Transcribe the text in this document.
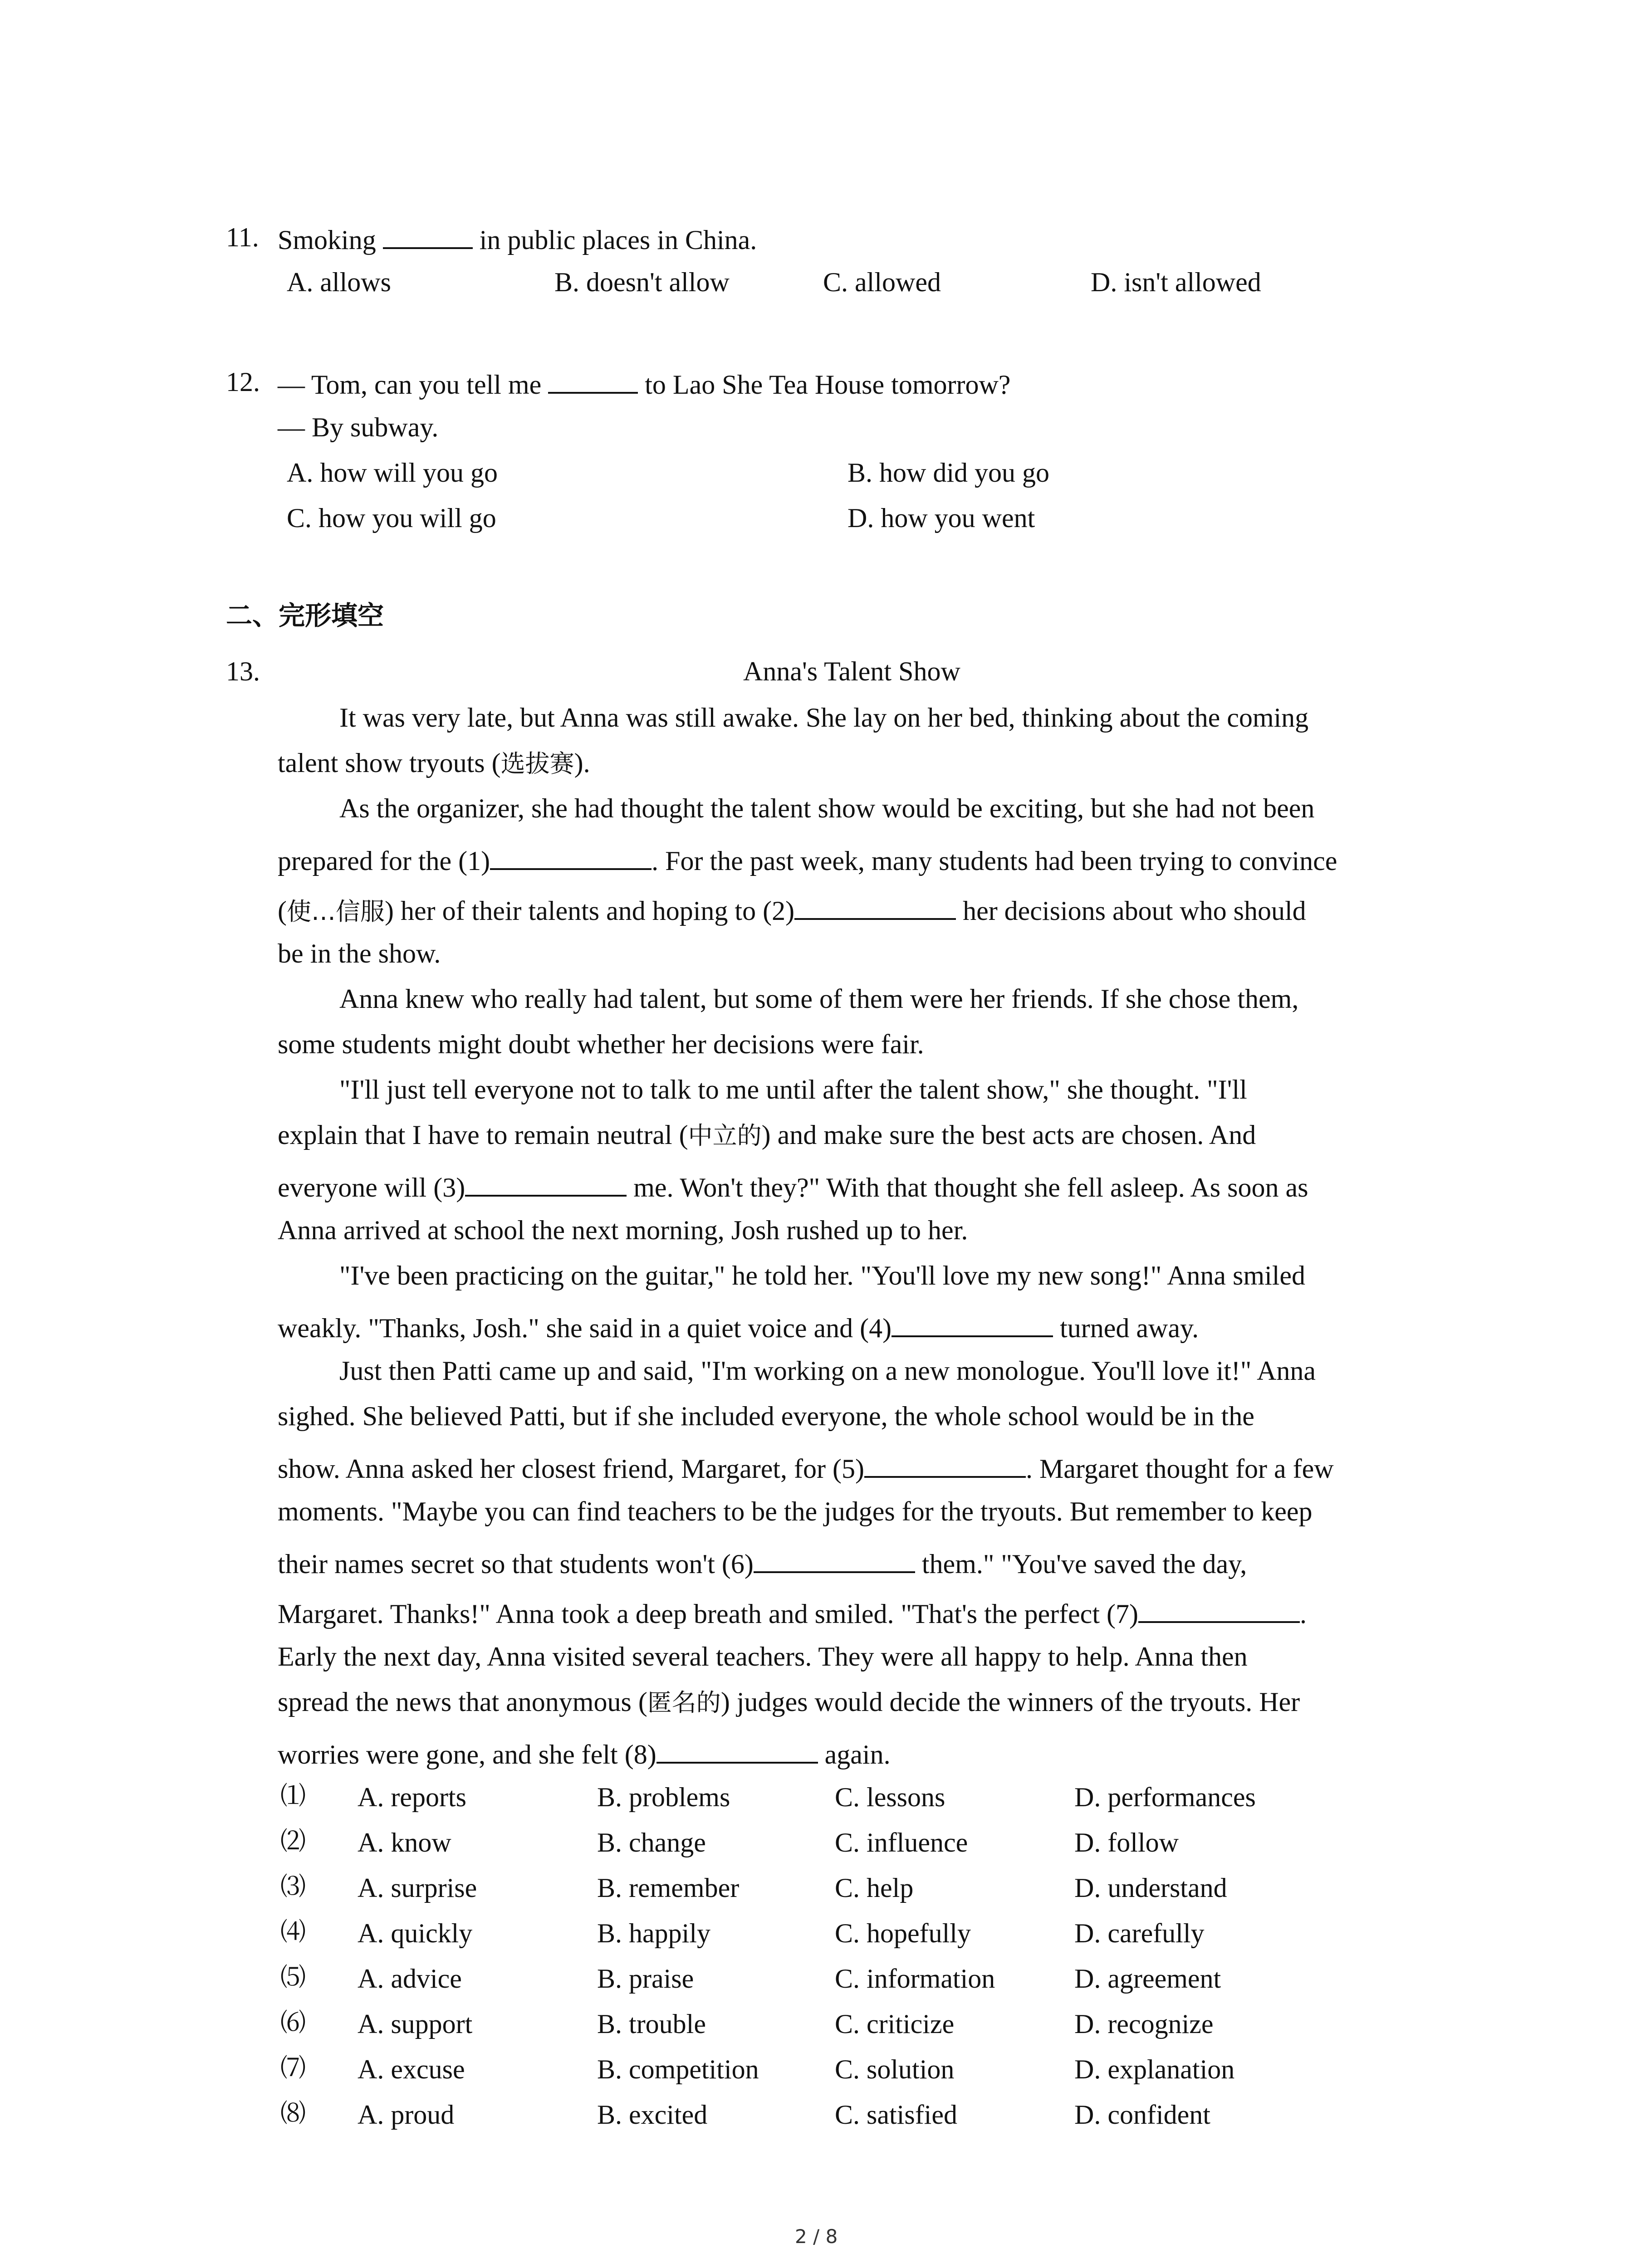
11. Smoking	in public places in China.
A. allows	B. doesn't allow	C. allowed	D. isn't allowed
12. — Tom, can you tell me	to Lao She Tea House tomorrow?
— By subway.
A. how will you go	B. how did you go
C. how you will go	D. how you went
二、完形填空
13.	Anna's Talent Show
It was very late, but Anna was still awake. She lay on her bed, thinking about the coming
talent show tryouts (选拔赛).
As the organizer, she had thought the talent show would be exciting, but she had not been
prepared for the (1)	. For the past week, many students had been trying to convince
(使…信服) her of their talents and hoping to (2)	her decisions about who should
be in the show.
Anna knew who really had talent, but some of them were her friends. If she chose them,
some students might doubt whether her decisions were fair.
"I'll just tell everyone not to talk to me until after the talent show," she thought. "I'll
explain that I have to remain neutral (中立的) and make sure the best acts are chosen. And
everyone will (3)	me. Won't they?" With that thought she fell asleep. As soon as
Anna arrived at school the next morning, Josh rushed up to her.
"I've been practicing on the guitar," he told her. "You'll love my new song!" Anna smiled
weakly. "Thanks, Josh." she said in a quiet voice and (4)	turned away.
Just then Patti came up and said, "I'm working on a new monologue. You'll love it!" Anna
sighed. She believed Patti, but if she included everyone, the whole school would be in the
show. Anna asked her closest friend, Margaret, for (5)	. Margaret thought for a few
moments. "Maybe you can find teachers to be the judges for the tryouts. But remember to keep
their names secret so that students won't (6)	them." "You've saved the day,
Margaret. Thanks!" Anna took a deep breath and smiled. "That's the perfect (7)	.
Early the next day, Anna visited several teachers. They were all happy to help. Anna then
spread the news that anonymous (匿名的) judges would decide the winners of the tryouts. Her
worries were gone, and she felt (8)	again.
⑴ A. reports	B. problems	C. lessons	D. performances
⑵ A. know	B. change	C. influence	D. follow
⑶ A. surprise	B. remember	C. help	D. understand
⑷ A. quickly	B. happily	C. hopefully	D. carefully
⑸ A. advice	B. praise	C. information	D. agreement
⑹ A. support	B. trouble	C. criticize	D. recognize
⑺ A. excuse	B. competition	C. solution	D. explanation
⑻ A. proud	B. excited	C. satisfied	D. confident
2 / 8
